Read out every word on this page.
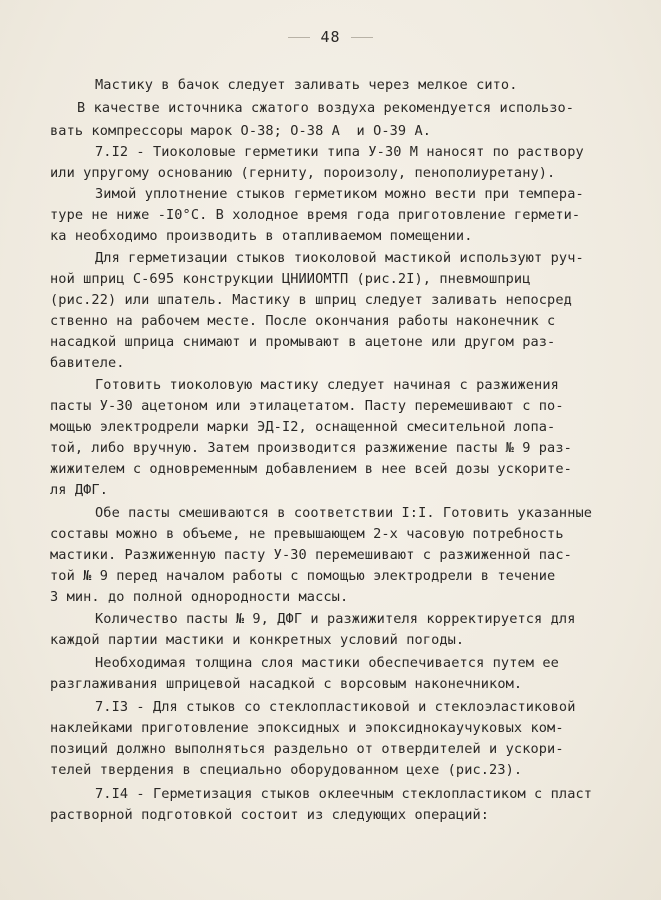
48
Мастику в бачок следует заливать через мелкое сито.
В качестве источника сжатого воздуха рекомендуется использо-
вать компрессоры марок О-38; О-38 А  и О-39 А.
7.I2 - Тиоколовые герметики типа У-30 М наносят по раствору
или упругому основанию (герниту, пороизолу, пенополиуретану).
Зимой уплотнение стыков герметиком можно вести при темпера-
туре не ниже -I0°C. В холодное время года приготовление гермети-
ка необходимо производить в отапливаемом помещении.
Для герметизации стыков тиоколовой мастикой используют руч-
ной шприц С-695 конструкции ЦНИИОМТП (рис.2I), пневмошприц
(рис.22) или шпатель. Мастику в шприц следует заливать непосред
ственно на рабочем месте. После окончания работы наконечник с
насадкой шприца снимают и промывают в ацетоне или другом раз-
бавителе.
Готовить тиоколовую мастику следует начиная с разжижения
пасты У-30 ацетоном или этилацетатом. Пасту перемешивают с по-
мощью электродрели марки ЭД-I2, оснащенной смесительной лопа-
той, либо вручную. Затем производится разжижение пасты № 9 раз-
жижителем с одновременным добавлением в нее всей дозы ускорите-
ля ДФГ.
Обе пасты смешиваются в соответствии I:I. Готовить указанные
составы можно в объеме, не превышающем 2-х часовую потребность
мастики. Разжиженную пасту У-30 перемешивают с разжиженной пас-
той № 9 перед началом работы с помощью электродрели в течение
3 мин. до полной однородности массы.
Количество пасты № 9, ДФГ и разжижителя корректируется для
каждой партии мастики и конкретных условий погоды.
Необходимая толщина слоя мастики обеспечивается путем ее
разглаживания шприцевой насадкой с ворсовым наконечником.
7.I3 - Для стыков со стеклопластиковой и стеклоэластиковой
наклейками приготовление эпоксидных и эпоксиднокаучуковых ком-
позиций должно выполняться раздельно от отвердителей и ускори-
телей твердения в специально оборудованном цехе (рис.23).
7.I4 - Герметизация стыков оклеечным стеклопластиком с пласт
растворной подготовкой состоит из следующих операций:
